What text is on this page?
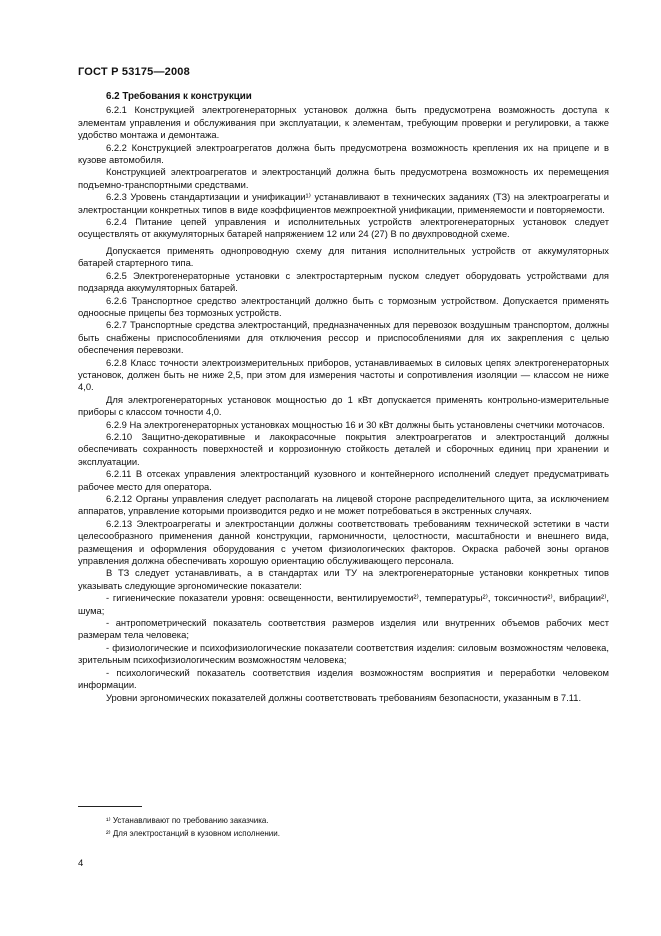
ГОСТ Р 53175—2008

6.2 Требования к конструкции

6.2.1 Конструкцией электрогенераторных установок должна быть предусмотрена возможность доступа к элементам управления и обслуживания при эксплуатации, к элементам, требующим проверки и регулировки, а также удобство монтажа и демонтажа.

6.2.2 Конструкцией электроагрегатов должна быть предусмотрена возможность крепления их на прицепе и в кузове автомобиля.

Конструкцией электроагрегатов и электростанций должна быть предусмотрена возможность их перемещения подъемно-транспортными средствами.

6.2.3 Уровень стандартизации и унификации¹⁾ устанавливают в технических заданиях (ТЗ) на электроагрегаты и электростанции конкретных типов в виде коэффициентов межпроектной унификации, применяемости и повторяемости.

6.2.4 Питание цепей управления и исполнительных устройств электрогенераторных установок следует осуществлять от аккумуляторных батарей напряжением 12 или 24 (27) В по двухпроводной схеме.

Допускается применять однопроводную схему для питания исполнительных устройств от аккумуляторных батарей стартерного типа.

6.2.5 Электрогенераторные установки с электростартерным пуском следует оборудовать устройствами для подзаряда аккумуляторных батарей.

6.2.6 Транспортное средство электростанций должно быть с тормозным устройством. Допускается применять одноосные прицепы без тормозных устройств.

6.2.7 Транспортные средства электростанций, предназначенных для перевозок воздушным транспортом, должны быть снабжены приспособлениями для отключения рессор и приспособлениями для их закрепления с целью обеспечения перевозки.

6.2.8 Класс точности электроизмерительных приборов, устанавливаемых в силовых цепях электрогенераторных установок, должен быть не ниже 2,5, при этом для измерения частоты и сопротивления изоляции — классом не ниже 4,0.

Для электрогенераторных установок мощностью до 1 кВт допускается применять контрольно-измерительные приборы с классом точности 4,0.

6.2.9 На электрогенераторных установках мощностью 16 и 30 кВт должны быть установлены счетчики моточасов.

6.2.10 Защитно-декоративные и лакокрасочные покрытия электроагрегатов и электростанций должны обеспечивать сохранность поверхностей и коррозионную стойкость деталей и сборочных единиц при хранении и эксплуатации.

6.2.11 В отсеках управления электростанций кузовного и контейнерного исполнений следует предусматривать рабочее место для оператора.

6.2.12 Органы управления следует располагать на лицевой стороне распределительного щита, за исключением аппаратов, управление которыми производится редко и не может потребоваться в экстренных случаях.

6.2.13 Электроагрегаты и электростанции должны соответствовать требованиям технической эстетики в части целесообразного применения данной конструкции, гармоничности, целостности, масштабности и внешнего вида, размещения и оформления оборудования с учетом физиологических факторов. Окраска рабочей зоны органов управления должна обеспечивать хорошую ориентацию обслуживающего персонала.

В ТЗ следует устанавливать, а в стандартах или ТУ на электрогенераторные установки конкретных типов указывать следующие эргономические показатели:

- гигиенические показатели уровня: освещенности, вентилируемости²⁾, температуры²⁾, токсичности²⁾, вибрации²⁾, шума;

- антропометрический показатель соответствия размеров изделия или внутренних объемов рабочих мест размерам тела человека;

- физиологические и психофизиологические показатели соответствия изделия: силовым возможностям человека, зрительным психофизиологическим возможностям человека;

- психологический показатель соответствия изделия возможностям восприятия и переработки человеком информации.

Уровни эргономических показателей должны соответствовать требованиям безопасности, указанным в 7.11.

¹⁾ Устанавливают по требованию заказчика.

²⁾ Для электростанций в кузовном исполнении.

4
